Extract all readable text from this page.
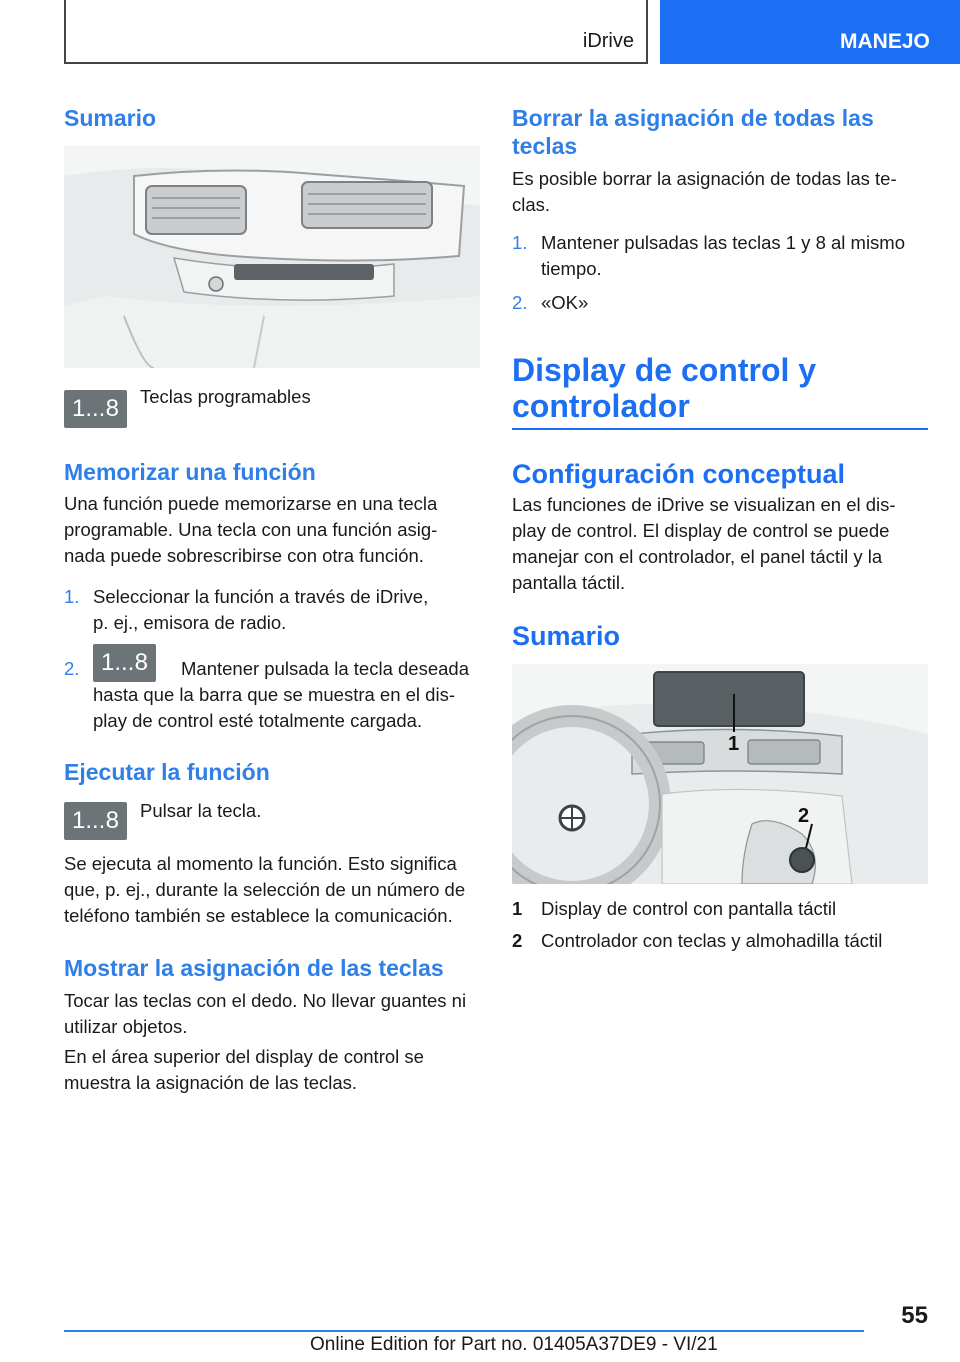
iDrive	MANEJO
Sumario
1... 8 Teclas programables

Memorizar una función

Una función puede memorizarse en una tecla

programable. Una tecla con una función asig‐

nada puede sobrescribirse con otra función.

1. Seleccionar la función a través de iDrive,

p. ej., emisora de radio.

2. 1... 8 Mantener pulsada la tecla deseada

hasta que la barra que se muestra en el dis‐

play de control esté totalmente cargada.

Ejecutar la función
1... 8 Pulsar la tecla.

Se ejecuta al momento la función. Esto significa

que, p. ej., durante la selección de un número de

teléfono también se establece la comunicación.

Mostrar la asignación de las teclas

Tocar las teclas con el dedo. No llevar guantes ni

utilizar objetos.

En el área superior del display de control se

muestra la asignación de las teclas.

Borrar la asignación de todas las
teclas

Es posible borrar la asignación de todas las te‐

clas.

1. Mantener pulsadas las teclas 1 y 8 al mismo

tiempo.

2. «OK»

Display de control y
controlador
Configuración conceptual

Las funciones de iDrive se visualizan en el dis‐

play de control. El display de control se puede

manejar con el controlador, el panel táctil y la

pantalla táctil.

Sumario
1
2
1 Display de control con pantalla táctil

2 Controlador con teclas y almohadilla táctil

55
Online Edition for Part no. 01405A37DE9 - VI/21
